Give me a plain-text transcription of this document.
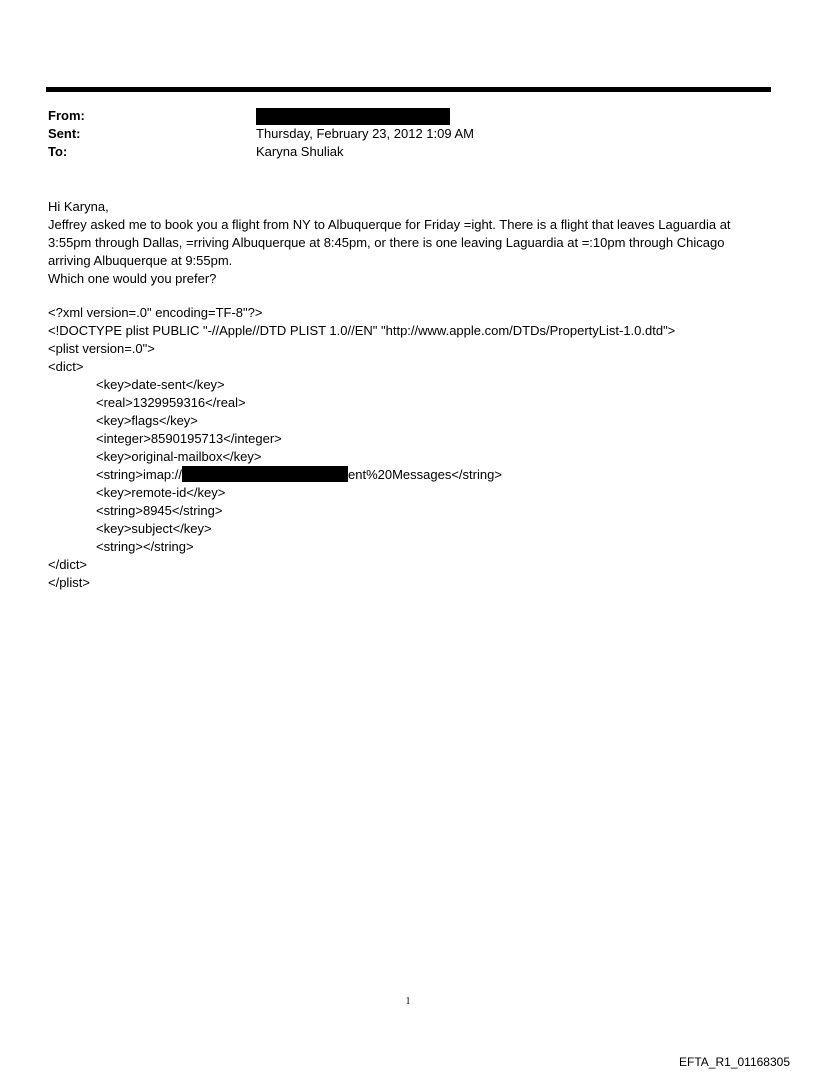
From:
Sent:	Thursday, February 23, 2012 1:09 AM
To:	Karyna Shuliak

Hi Karyna,

Jeffrey asked me to book you a flight from NY to Albuquerque for Friday =ight. There is a flight that leaves Laguardia at

3:55pm through Dallas, =rriving Albuquerque at 8:45pm, or there is one leaving Laguardia at =:10pm through Chicago

arriving Albuquerque at 9:55pm.

Which one would you prefer?

<?xml version=.0" encoding=TF-8"?>
<!DOCTYPE plist PUBLIC "-//Apple//DTD PLIST 1.0//EN" "http://www.apple.com/DTDs/PropertyList-1.0.dtd">
<plist version=.0">
<dict>
<key>date-sent</key>
<real>1329959316</real>
<key>flags</key>
<integer>8590195713</integer>
<key>original-mailbox</key>
<string>imap://	ent%20Messages</string>
<key>remote-id</key>
<string>8945</string>
<key>subject</key>
<string></string>
</dict>
</plist>
1
EFTA_R1_01168305
